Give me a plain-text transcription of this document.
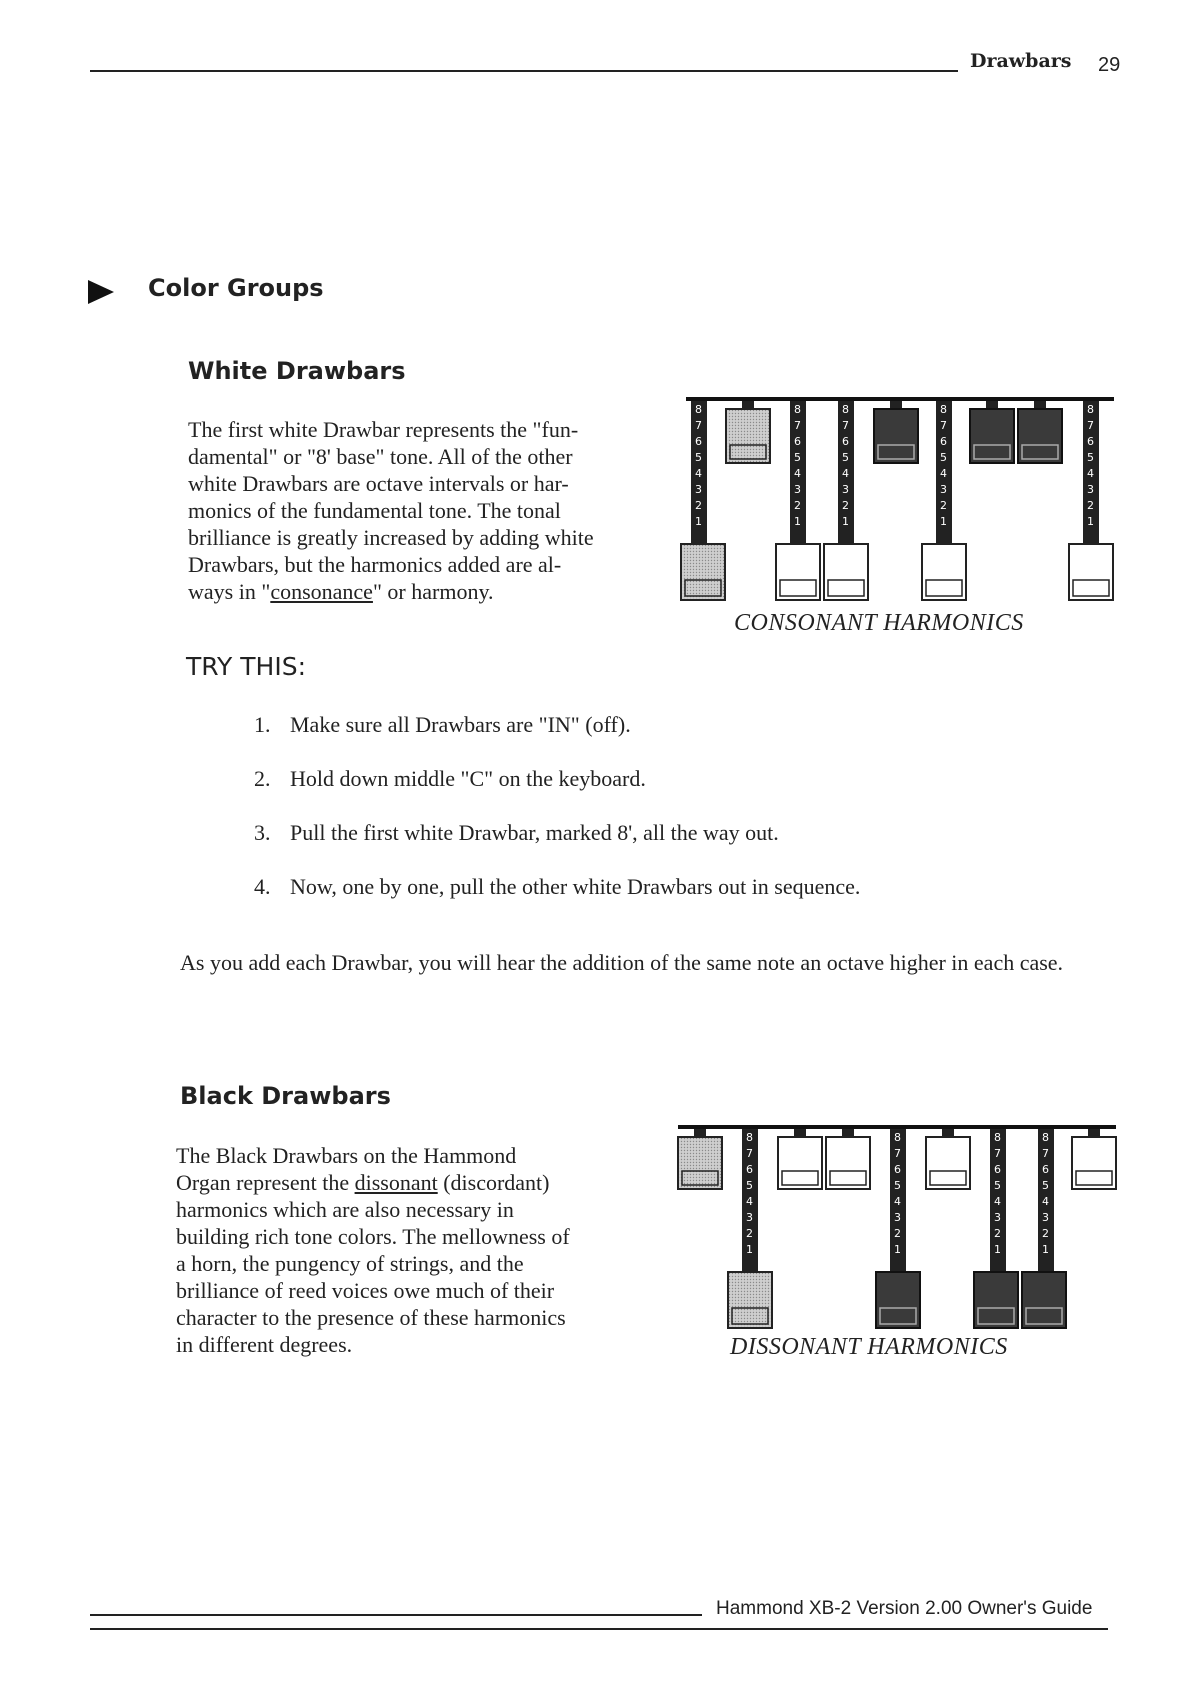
Drawbars 29
Color Groups
White Drawbars
The first white Drawbar represents the "fun-
damental" or "8' base" tone. All of the other
white Drawbars are octave intervals or har-
monics of the fundamental tone. The tonal
brilliance is greatly increased by adding white
Drawbars, but the harmonics added are al-
ways in "consonance" or harmony.
8
7
6
5
4
3
2
1
8
7
6
5
4
3
2
1
8
7
6
5
4
3
2
1
8
7
6
5
4
3
2
1
8
7
6
5
4
3
2
1
CONSONANT HARMONICS
TRY THIS:
1. Make sure all Drawbars are "IN" (off).
2. Hold down middle "C" on the keyboard.
3. Pull the first white Drawbar, marked 8', all the way out.
4. Now, one by one, pull the other white Drawbars out in sequence.
As you add each Drawbar, you will hear the addition of the same note an octave higher in each case.
Black Drawbars
The Black Drawbars on the Hammond
Organ represent the dissonant (discordant)
harmonics which are also necessary in
building rich tone colors. The mellowness of
a horn, the pungency of strings, and the
brilliance of reed voices owe much of their
character to the presence of these harmonics
in different degrees.
8
7
6
5
4
3
2
1
8
7
6
5
4
3
2
1
8
7
6
5
4
3
2
1
8
7
6
5
4
3
2
1
DISSONANT HARMONICS
Hammond XB-2 Version 2.00 Owner's Guide
